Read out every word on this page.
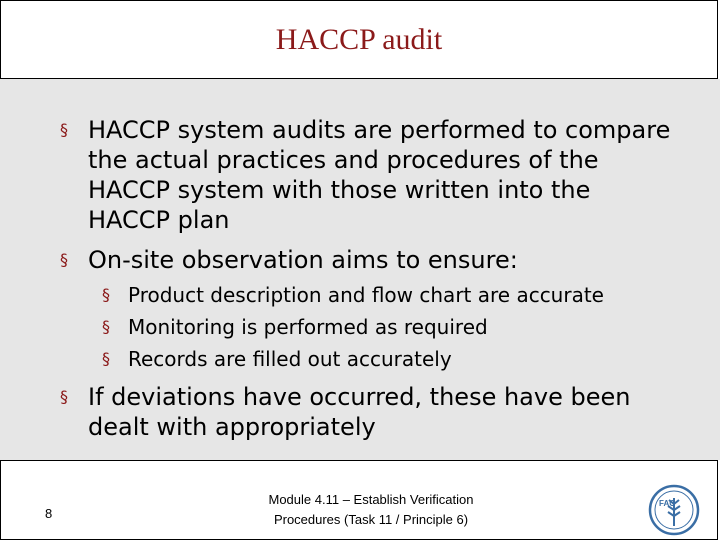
HACCP audit
§ HACCP system audits are performed to compare the actual practices and procedures of the HACCP system with those written into the HACCP plan
§ On-site observation aims to ensure:
§ Product description and flow chart are accurate
§ Monitoring is performed as required
§ Records are filled out accurately
§ If deviations have occurred, these have been dealt with appropriately
8
Module 4.11 – Establish Verification
Procedures (Task 11 / Principle 6)
FAO
